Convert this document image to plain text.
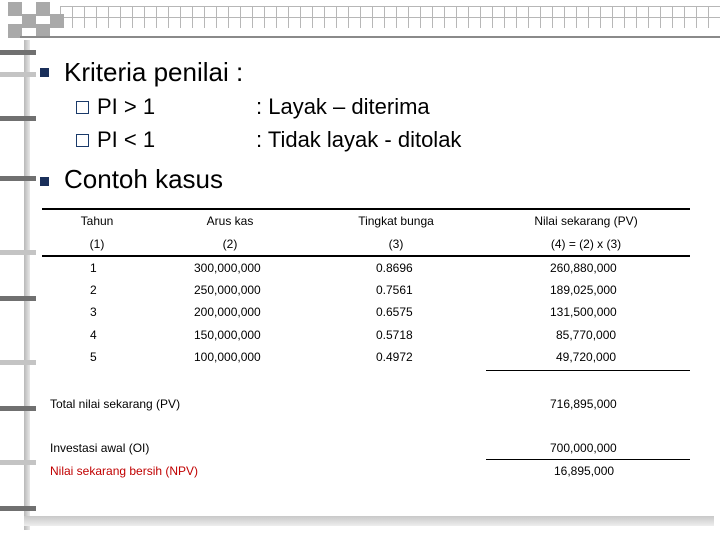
Kriteria penilai :
PI > 1	: Layak – diterima
PI < 1	: Tidak layak - ditolak
Contoh kasus
Tahun	Arus kas	Tingkat bunga	Nilai sekarang (PV)
(1)	(2)	(3)	(4) = (2) x (3)
1	300,000,000	0.8696	260,880,000
2	250,000,000	0.7561	189,025,000
3	200,000,000	0.6575	131,500,000
4	150,000,000	0.5718	85,770,000
5	100,000,000	0.4972	49,720,000
Total nilai sekarang (PV)	716,895,000
Investasi awal (OI)	700,000,000
Nilai sekarang bersih (NPV)	16,895,000
